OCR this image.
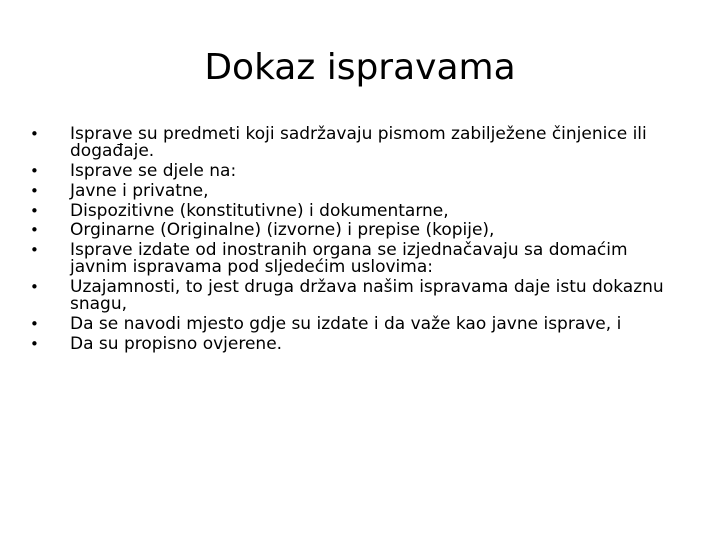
Dokaz ispravama
•	Isprave su predmeti koji sadržavaju pismom zabilježene činjenice ili događaje.
•	Isprave se djele na:
•	Javne i privatne,
•	Dispozitivne (konstitutivne) i dokumentarne,
•	Orginarne (Originalne) (izvorne) i prepise (kopije),
•	Isprave izdate od inostranih organa se izjednačavaju sa domaćim javnim ispravama pod sljedećim uslovima:
•	Uzajamnosti, to jest druga država našim ispravama daje istu dokaznu snagu,
•	Da se navodi mjesto gdje su izdate i da važe kao javne isprave, i
•	Da su propisno ovjerene.
